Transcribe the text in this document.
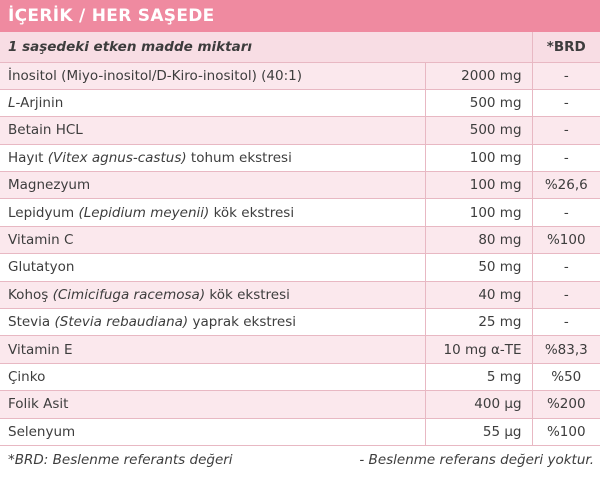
İÇERİK / HER SAŞEDE
1 saşedeki etken madde miktarı		*BRD
İnositol (Miyo-inositol/D-Kiro-inositol) (40:1)	2000 mg	-
L-Arjinin	500 mg	-
Betain HCL	500 mg	-
Hayıt (Vitex agnus-castus) tohum ekstresi	100 mg	-
Magnezyum	100 mg	%26,6
Lepidyum (Lepidium meyenii) kök ekstresi	100 mg	-
Vitamin C	80 mg	%100
Glutatyon	50 mg	-
Kohoş (Cimicifuga racemosa) kök ekstresi	40 mg	-
Stevia (Stevia rebaudiana) yaprak ekstresi	25 mg	-
Vitamin E	10 mg α-TE	%83,3
Çinko	5 mg	%50
Folik Asit	400 µg	%200
Selenyum	55 µg	%100
*BRD: Beslenme referants değeri	- Beslenme referans değeri yoktur.
